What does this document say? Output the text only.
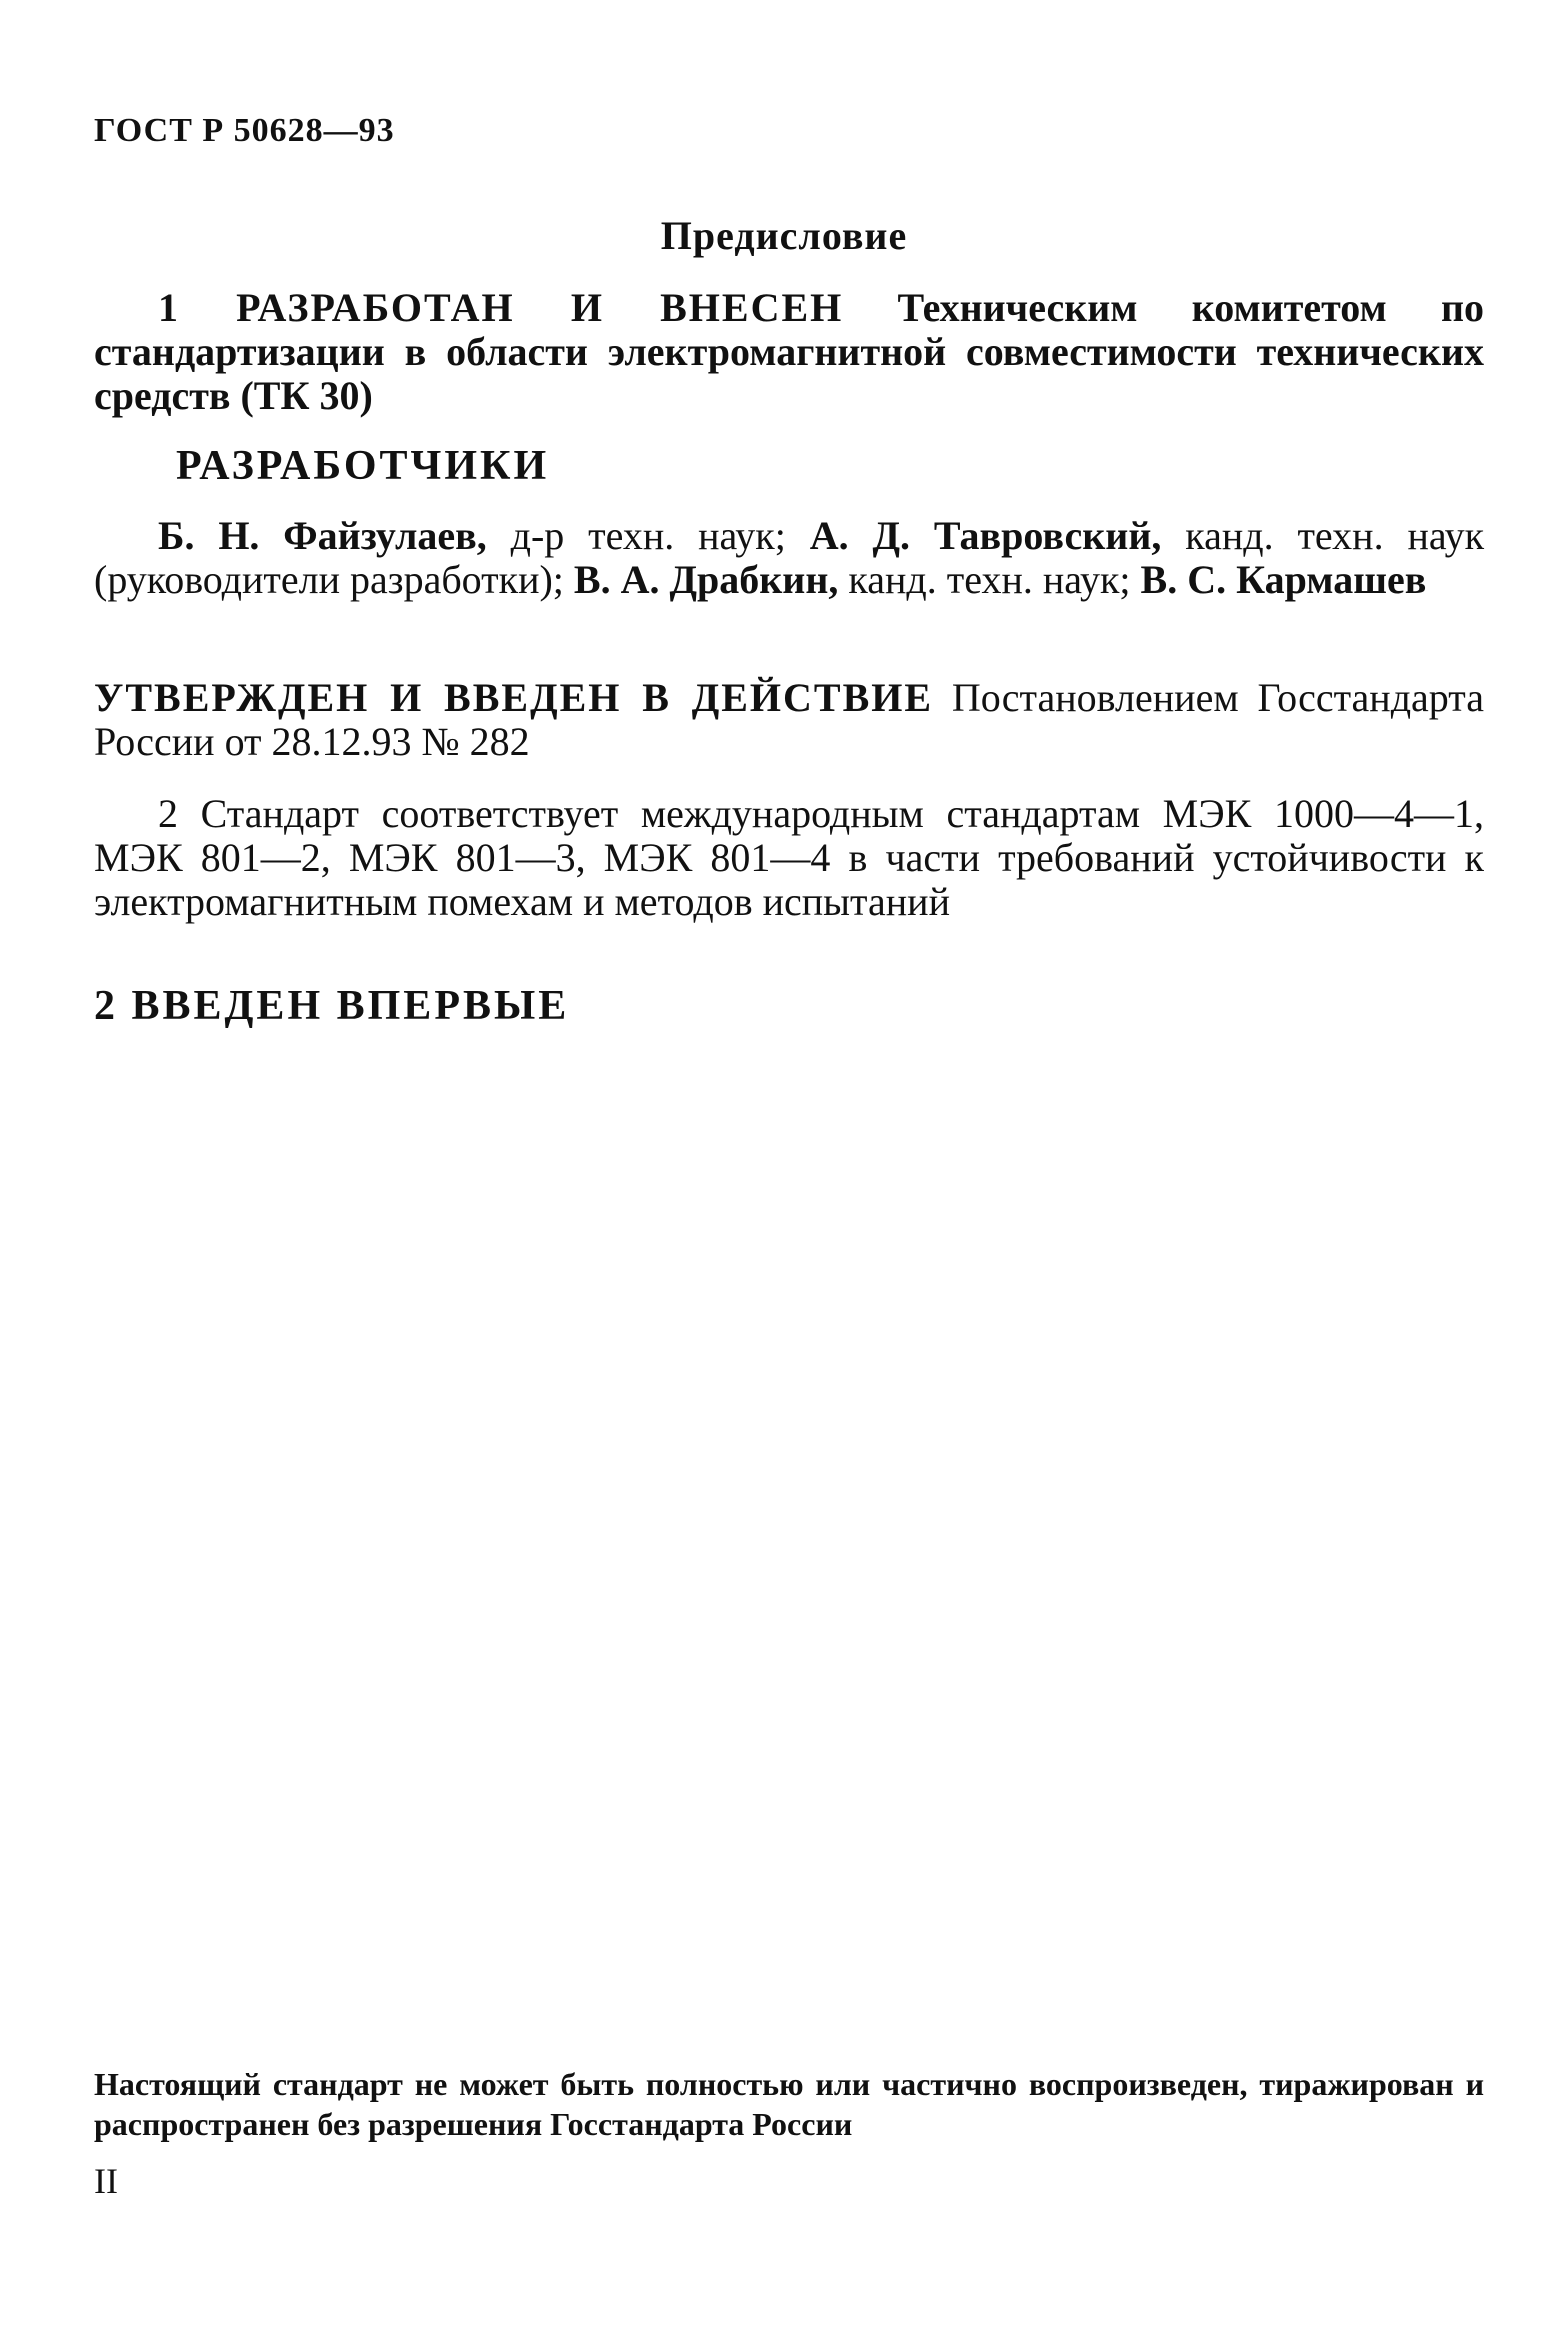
ГОСТ Р 50628—93
Предисловие
1 РАЗРАБОТАН И ВНЕСЕН Техническим комитетом по стандартизации в области электромагнитной совместимости технических средств (ТК 30)
РАЗРАБОТЧИКИ
Б. Н. Файзулаев, д-р техн. наук; А. Д. Тавровский, канд. техн. наук (руководители разработки); В. А. Драбкин, канд. техн. наук; В. С. Кармашев
УТВЕРЖДЕН И ВВЕДЕН В ДЕЙСТВИЕ Постановлением Госстандарта России от 28.12.93 № 282
2 Стандарт соответствует международным стандартам МЭК 1000—4—1, МЭК 801—2, МЭК 801—3, МЭК 801—4 в части требований устойчивости к электромагнитным помехам и методов испытаний
2 ВВЕДЕН ВПЕРВЫЕ
Настоящий стандарт не может быть полностью или частично воспроизведен, тиражирован и распространен без разрешения Госстандарта России
II
